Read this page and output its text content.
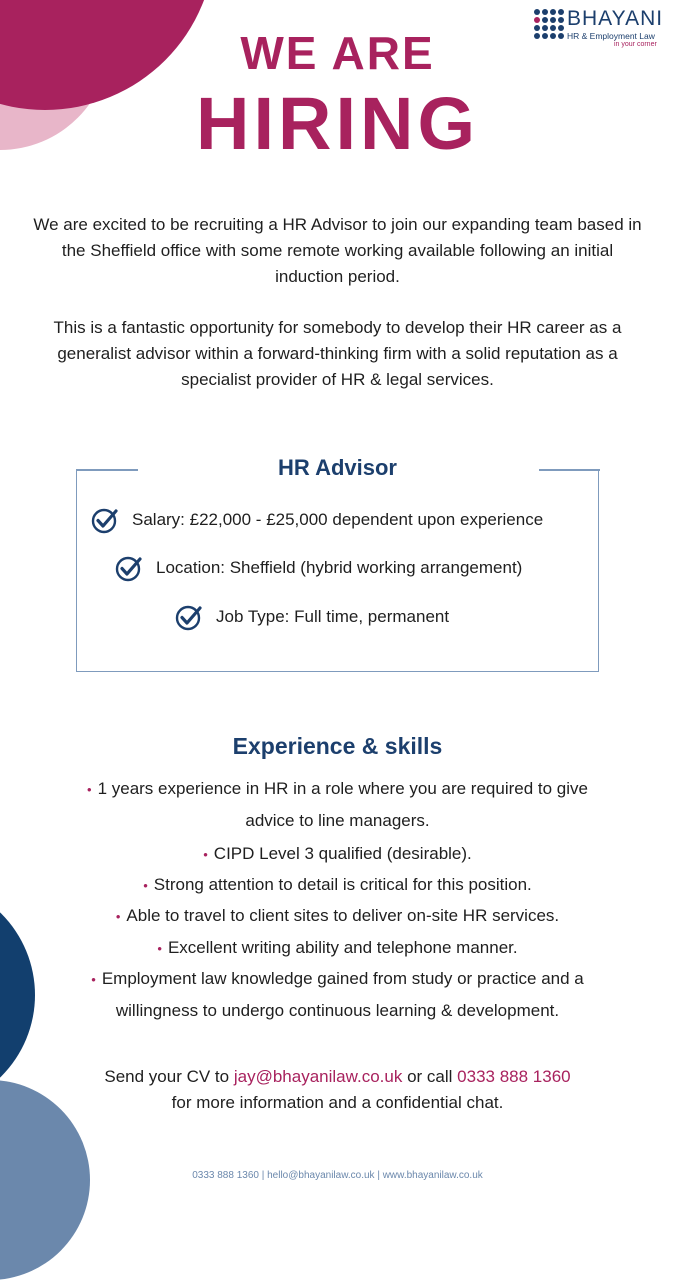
BHAYANI
HR & Employment Law
in your corner
WE ARE
HIRING

We are excited to be recruiting a HR Advisor to join our expanding team based in the Sheffield office with some remote working available following an initial induction period.

This is a fantastic opportunity for somebody to develop their HR career as a generalist advisor within a forward-thinking firm with a solid reputation as a specialist provider of HR & legal services.

HR Advisor
Salary: £22,000 - £25,000 dependent upon experience
Location: Sheffield (hybrid working arrangement)
Job Type: Full time, permanent
Experience & skills
• 1 years experience in HR in a role where you are required to give
advice to line managers.
• CIPD Level 3 qualified (desirable).
• Strong attention to detail is critical for this position.
• Able to travel to client sites to deliver on-site HR services.
• Excellent writing ability and telephone manner.
• Employment law knowledge gained from study or practice and a
willingness to undergo continuous learning & development.
Send your CV to jay@bhayanilaw.co.uk or call 0333 888 1360
for more information and a confidential chat.
0333 888 1360 | hello@bhayanilaw.co.uk | www.bhayanilaw.co.uk
